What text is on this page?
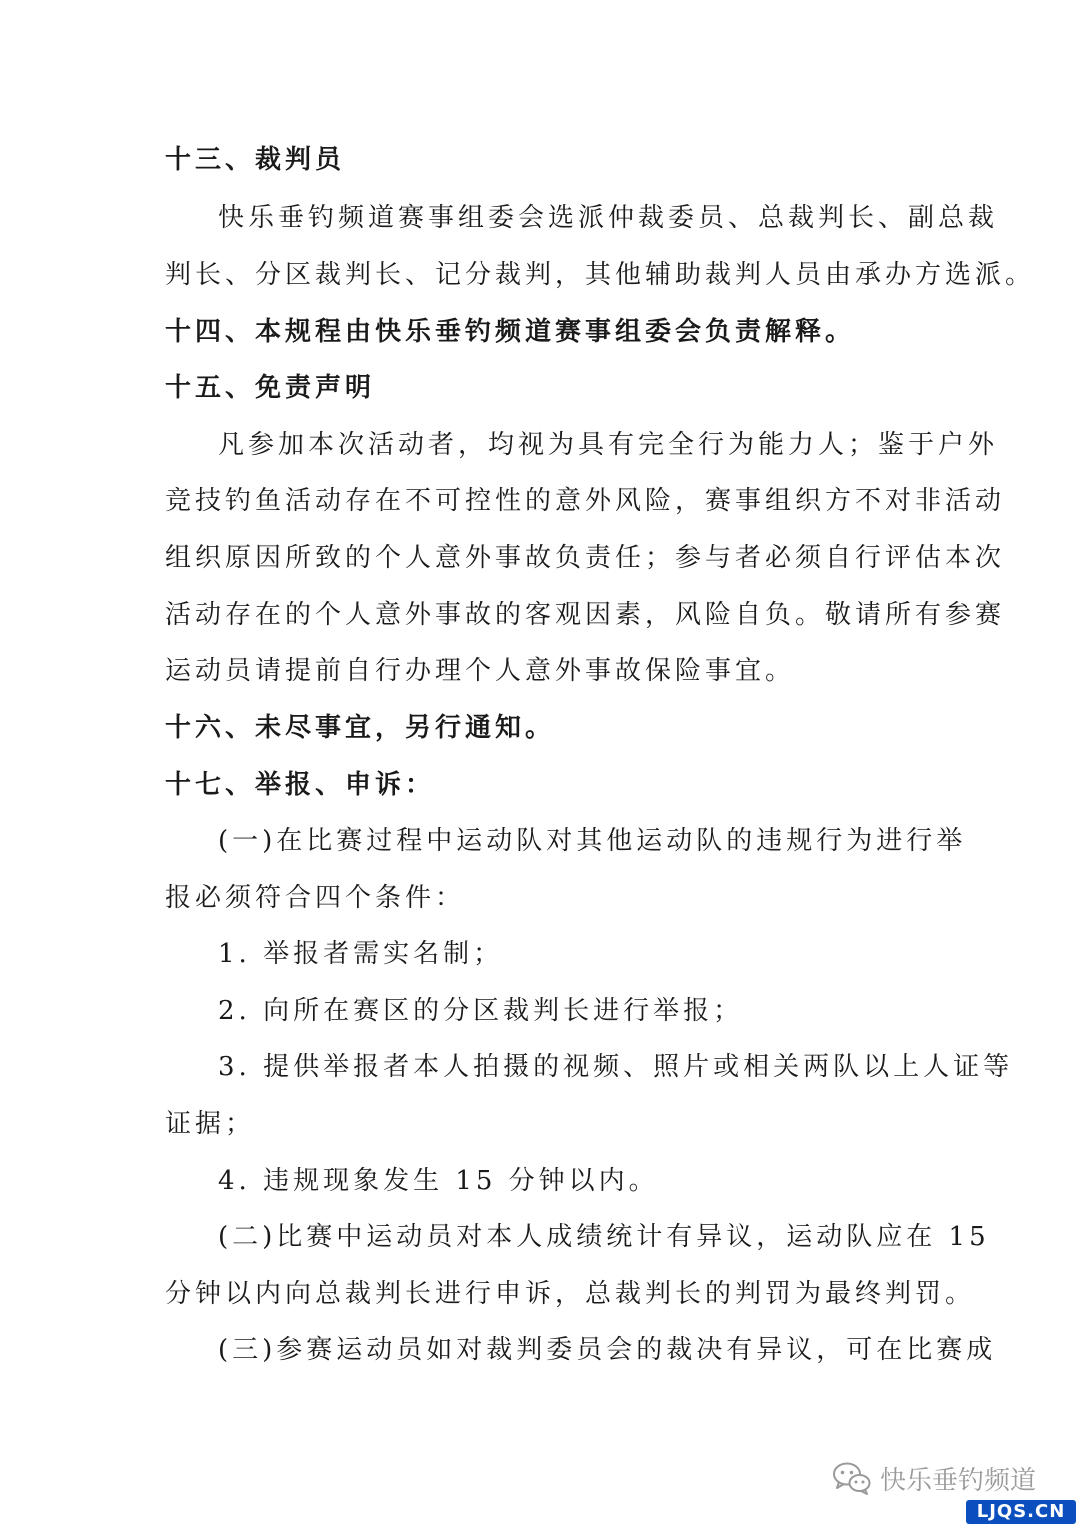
十三、裁判员
快乐垂钓频道赛事组委会选派仲裁委员、总裁判长、副总裁
判长、分区裁判长、记分裁判，其他辅助裁判人员由承办方选派。
十四、本规程由快乐垂钓频道赛事组委会负责解释。
十五、免责声明
凡参加本次活动者，均视为具有完全行为能力人；鉴于户外
竞技钓鱼活动存在不可控性的意外风险，赛事组织方不对非活动
组织原因所致的个人意外事故负责任；参与者必须自行评估本次
活动存在的个人意外事故的客观因素，风险自负。敬请所有参赛
运动员请提前自行办理个人意外事故保险事宜。
十六、未尽事宜，另行通知。
十七、举报、申诉：
(一)在比赛过程中运动队对其他运动队的违规行为进行举
报必须符合四个条件：
1. 举报者需实名制；
2. 向所在赛区的分区裁判长进行举报；
3. 提供举报者本人拍摄的视频、照片或相关两队以上人证等
证据；
4. 违规现象发生 15 分钟以内。
(二)比赛中运动员对本人成绩统计有异议，运动队应在 15
分钟以内向总裁判长进行申诉，总裁判长的判罚为最终判罚。
(三)参赛运动员如对裁判委员会的裁决有异议，可在比赛成
快乐垂钓频道
LJQS.CN
